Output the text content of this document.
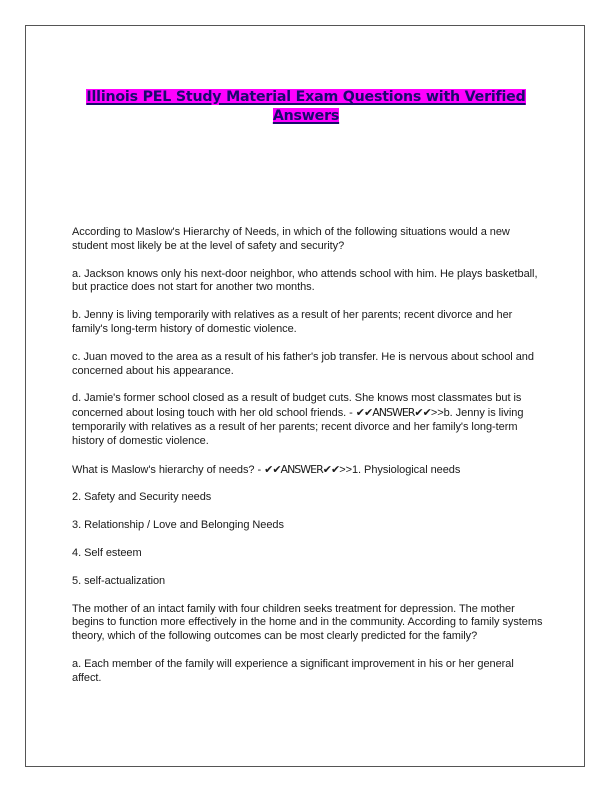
Illinois PEL Study Material Exam Questions with Verified
Answers

According to Maslow's Hierarchy of Needs, in which of the following situations would a new student most likely be at the level of safety and security?

a. Jackson knows only his next-door neighbor, who attends school with him. He plays basketball, but practice does not start for another two months.

b. Jenny is living temporarily with relatives as a result of her parents; recent divorce and her family's long-term history of domestic violence.

c. Juan moved to the area as a result of his father's job transfer. He is nervous about school and concerned about his appearance.

d. Jamie's former school closed as a result of budget cuts. She knows most classmates but is concerned about losing touch with her old school friends. - ✔✔ANSWER✔✔>>b. Jenny is living temporarily with relatives as a result of her parents; recent divorce and her family's long-term history of domestic violence.

What is Maslow's hierarchy of needs? - ✔✔ANSWER✔✔>>1. Physiological needs

2. Safety and Security needs

3. Relationship / Love and Belonging Needs

4. Self esteem

5. self-actualization

The mother of an intact family with four children seeks treatment for depression. The mother begins to function more effectively in the home and in the community. According to family systems theory, which of the following outcomes can be most clearly predicted for the family?

a. Each member of the family will experience a significant improvement in his or her general affect.
